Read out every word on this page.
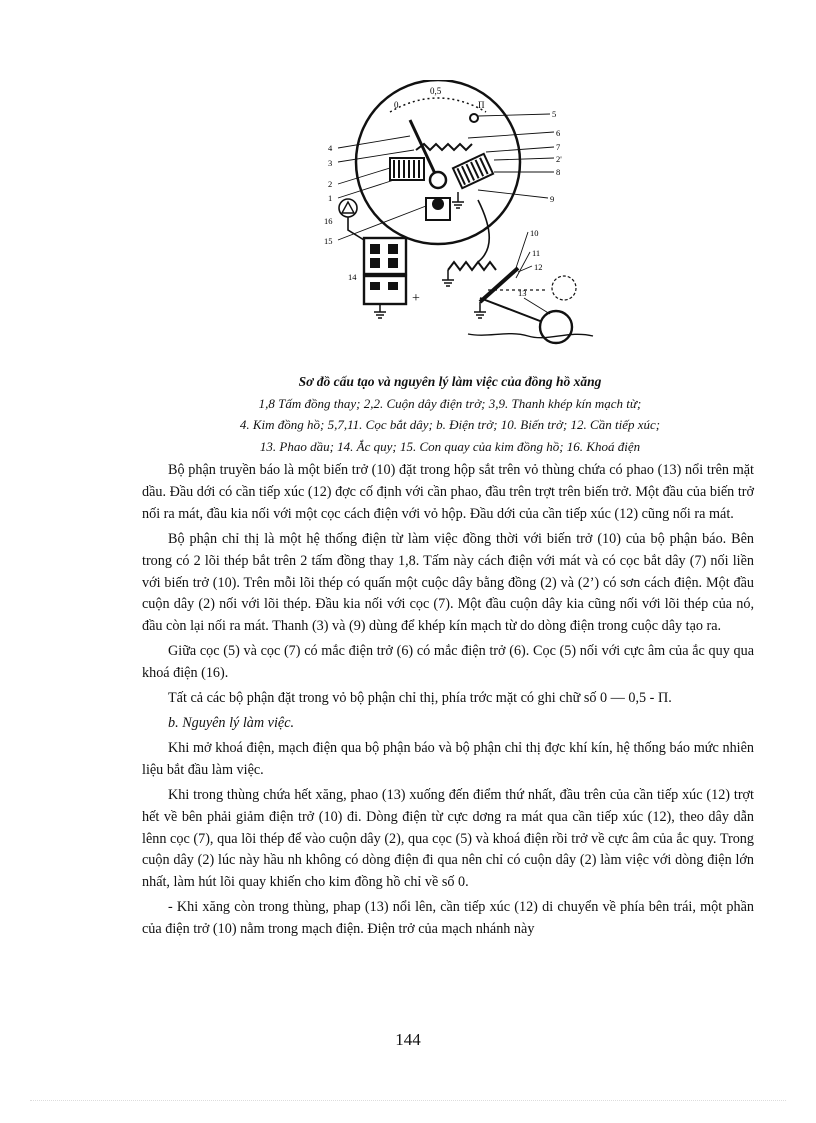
0
0,5
Π
+
5
6
7
2'
8
9
4
3
2
1
15
16
14
10
11
12
13
Sơ đồ cấu tạo và nguyên lý làm việc của đồng hồ xăng
1,8 Tấm đồng thay; 2,2. Cuộn dây điện trở; 3,9. Thanh khép kín mạch từ;
4. Kim đồng hồ; 5,7,11. Cọc bắt dây; b. Điện trở; 10. Biến trở; 12. Cần tiếp xúc;
13. Phao dầu; 14. Ắc quy; 15. Con quay của kim đồng hồ; 16. Khoá điện

Bộ phận truyền báo là một biến trở (10) đặt trong hộp sắt trên vỏ thùng chứa có phao (13) nổi trên mặt dầu. Đầu dới có cần tiếp xúc (12) đợc cố định với cần phao, đầu trên trợt trên biến trở. Một đầu của biến trở nối ra mát, đầu kia nối với một cọc cách điện với vỏ hộp. Đầu dới của cần tiếp xúc (12) cũng nối ra mát.

Bộ phận chỉ thị là một hệ thống điện từ làm việc đồng thời với biến trở (10) của bộ phận báo. Bên trong có 2 lõi thép bắt trên 2 tấm đồng thay 1,8. Tấm này cách điện với mát và có cọc bắt dây (7) nối liền với biến trở (10). Trên mỗi lõi thép có quấn một cuộc dây bằng đồng (2) và (2’) có sơn cách điện. Một đầu cuộn dây (2) nối với lõi thép. Đầu kia nối với cọc (7). Một đầu cuộn dây kia cũng nối với lõi thép của nó, đầu còn lại nối ra mát. Thanh (3) và (9) dùng để khép kín mạch từ do dòng điện trong cuộc dây tạo ra.

Giữa cọc (5) và cọc (7) có mắc điện trở (6) có mắc điện trở (6). Cọc (5) nối với cực âm của ắc quy qua khoá điện (16).

Tất cả các bộ phận đặt trong vỏ bộ phận chỉ thị, phía trớc mặt có ghi chữ số 0 — 0,5 - Π.

b. Nguyên lý làm việc.

Khi mở khoá điện, mạch điện qua bộ phận báo và bộ phận chỉ thị đợc khí kín, hệ thống báo mức nhiên liệu bắt đầu làm việc.

Khi trong thùng chứa hết xăng, phao (13) xuống đến điểm thứ nhất, đầu trên của cần tiếp xúc (12) trợt hết về bên phải giảm điện trở (10) đi. Dòng điện từ cực dơng ra mát qua cần tiếp xúc (12), theo dây dẫn lênn cọc (7), qua lõi thép để vào cuộn dây (2), qua cọc (5) và khoá điện rồi trở về cực âm của ắc quy. Trong cuộn dây (2) lúc này hầu nh không có dòng điện đi qua nên chỉ có cuộn dây (2) làm việc với dòng điện lớn nhất, làm hút lõi quay khiến cho kim đồng hồ chỉ về số 0.

- Khi xăng còn trong thùng, phap (13) nổi lên, cần tiếp xúc (12) di chuyển về phía bên trái, một phần của điện trở (10) nằm trong mạch điện. Điện trở của mạch nhánh này

144
